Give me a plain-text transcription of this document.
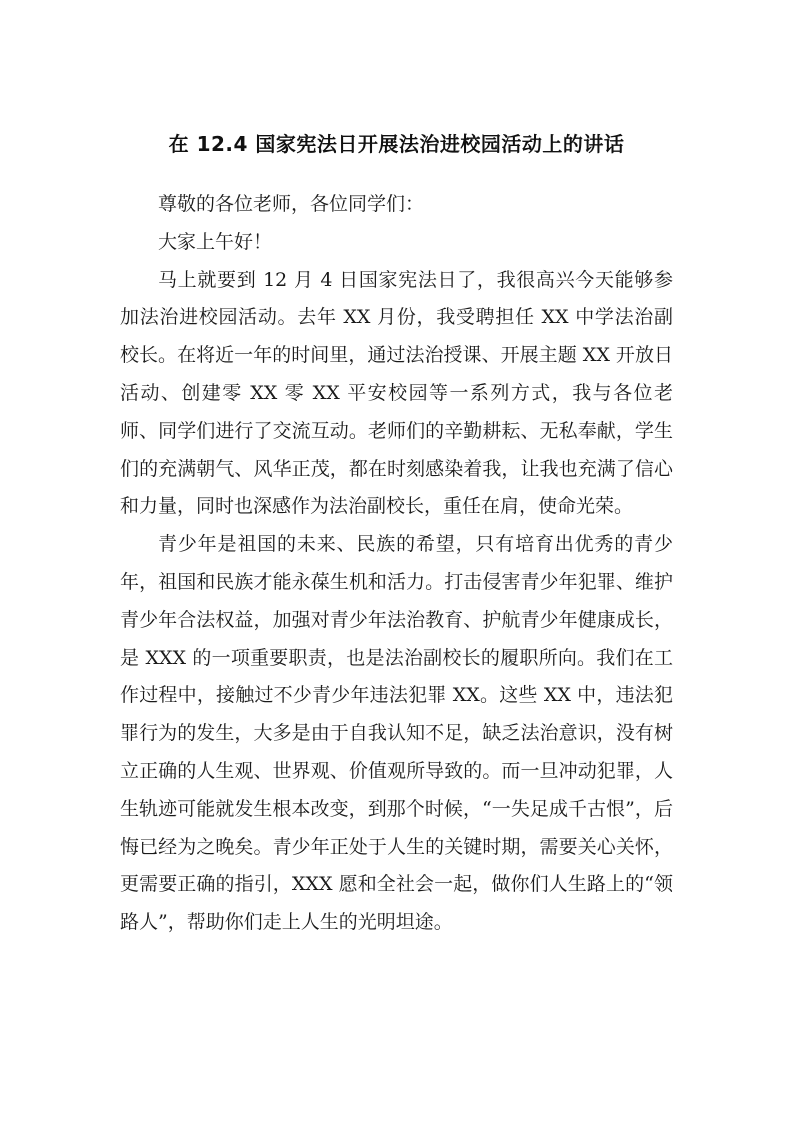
在 12.4 国家宪法日开展法治进校园活动上的讲话

尊敬的各位老师，各位同学们：

大家上午好！

马上就要到 12 月 4 日国家宪法日了，我很高兴今天能够参加法治进校园活动。去年 XX 月份，我受聘担任 XX 中学法治副校长。在将近一年的时间里，通过法治授课、开展主题 XX 开放日活动、创建零 XX 零 XX 平安校园等一系列方式，我与各位老师、同学们进行了交流互动。老师们的辛勤耕耘、无私奉献，学生们的充满朝气、风华正茂，都在时刻感染着我，让我也充满了信心和力量，同时也深感作为法治副校长，重任在肩，使命光荣。

青少年是祖国的未来、民族的希望，只有培育出优秀的青少年，祖国和民族才能永葆生机和活力。打击侵害青少年犯罪、维护青少年合法权益，加强对青少年法治教育、护航青少年健康成长，是 XXX 的一项重要职责，也是法治副校长的履职所向。我们在工作过程中，接触过不少青少年违法犯罪 XX。这些 XX 中，违法犯罪行为的发生，大多是由于自我认知不足，缺乏法治意识，没有树立正确的人生观、世界观、价值观所导致的。而一旦冲动犯罪，人生轨迹可能就发生根本改变，到那个时候，“一失足成千古恨”，后悔已经为之晚矣。青少年正处于人生的关键时期，需要关心关怀，更需要正确的指引，XXX 愿和全社会一起，做你们人生路上的“领路人”，帮助你们走上人生的光明坦途。
